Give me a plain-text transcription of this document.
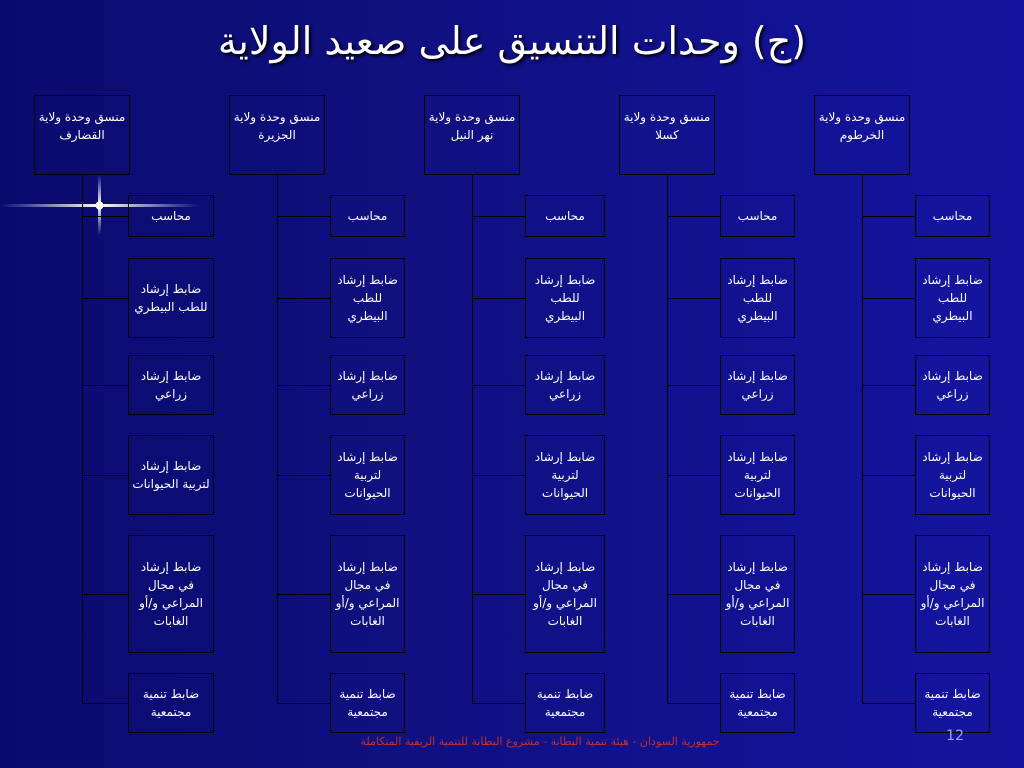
(ج) وحدات التنسيق على صعيد الولاية
منسق وحدة ولاية القضارف
محاسب
ضابط إرشاد للطب البيطري
ضابط إرشاد زراعي
ضابط إرشاد لتربية الحيوانات
ضابط إرشاد في مجال المراعي و/أو الغابات
ضابط تنمية مجتمعية
منسق وحدة ولاية الجزيرة
محاسب
ضابط إرشاد للطب البيطري
ضابط إرشاد زراعي
ضابط إرشاد لتربية الحيوانات
ضابط إرشاد في مجال المراعي و/أو الغابات
ضابط تنمية مجتمعية
منسق وحدة ولاية نهر النيل
محاسب
ضابط إرشاد للطب البيطري
ضابط إرشاد زراعي
ضابط إرشاد لتربية الحيوانات
ضابط إرشاد في مجال المراعي و/أو الغابات
ضابط تنمية مجتمعية
منسق وحدة ولاية كسلا
محاسب
ضابط إرشاد للطب البيطري
ضابط إرشاد زراعي
ضابط إرشاد لتربية الحيوانات
ضابط إرشاد في مجال المراعي و/أو الغابات
ضابط تنمية مجتمعية
منسق وحدة ولاية الخرطوم
محاسب
ضابط إرشاد للطب البيطري
ضابط إرشاد زراعي
ضابط إرشاد لتربية الحيوانات
ضابط إرشاد في مجال المراعي و/أو الغابات
ضابط تنمية مجتمعية
جمهورية السودان - هيئة تنمية البطانة - مشروع البطانة للتنمية الريفية المتكاملة	12
